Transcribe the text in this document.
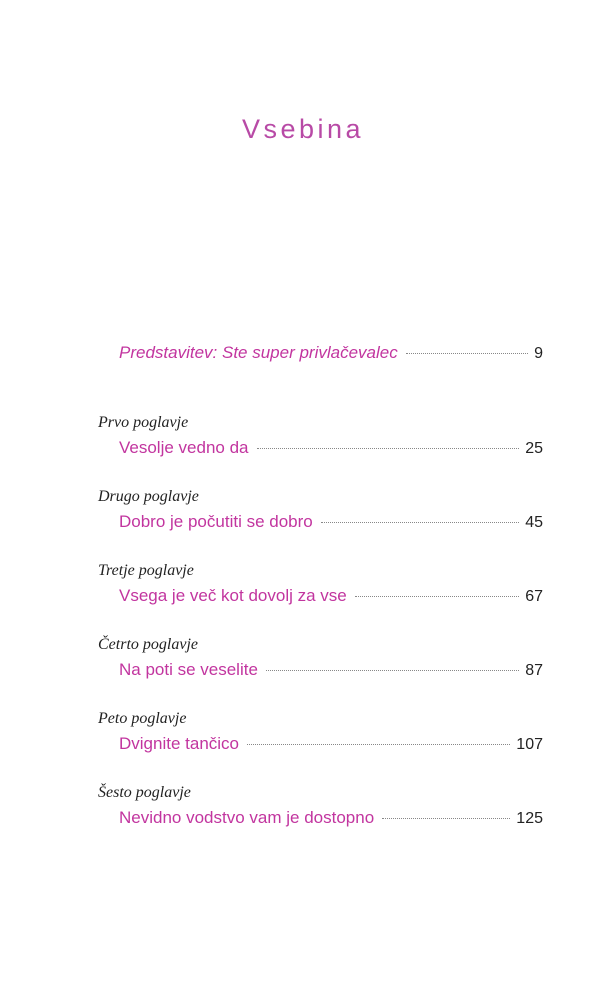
Vsebina
Predstavitev: Ste super privlačevalec	9
Prvo poglavje
Vesolje vedno da	25
Drugo poglavje
Dobro je počutiti se dobro	45
Tretje poglavje
Vsega je več kot dovolj za vse	67
Četrto poglavje
Na poti se veselite	87
Peto poglavje
Dvignite tančico	107
Šesto poglavje
Nevidno vodstvo vam je dostopno	125
